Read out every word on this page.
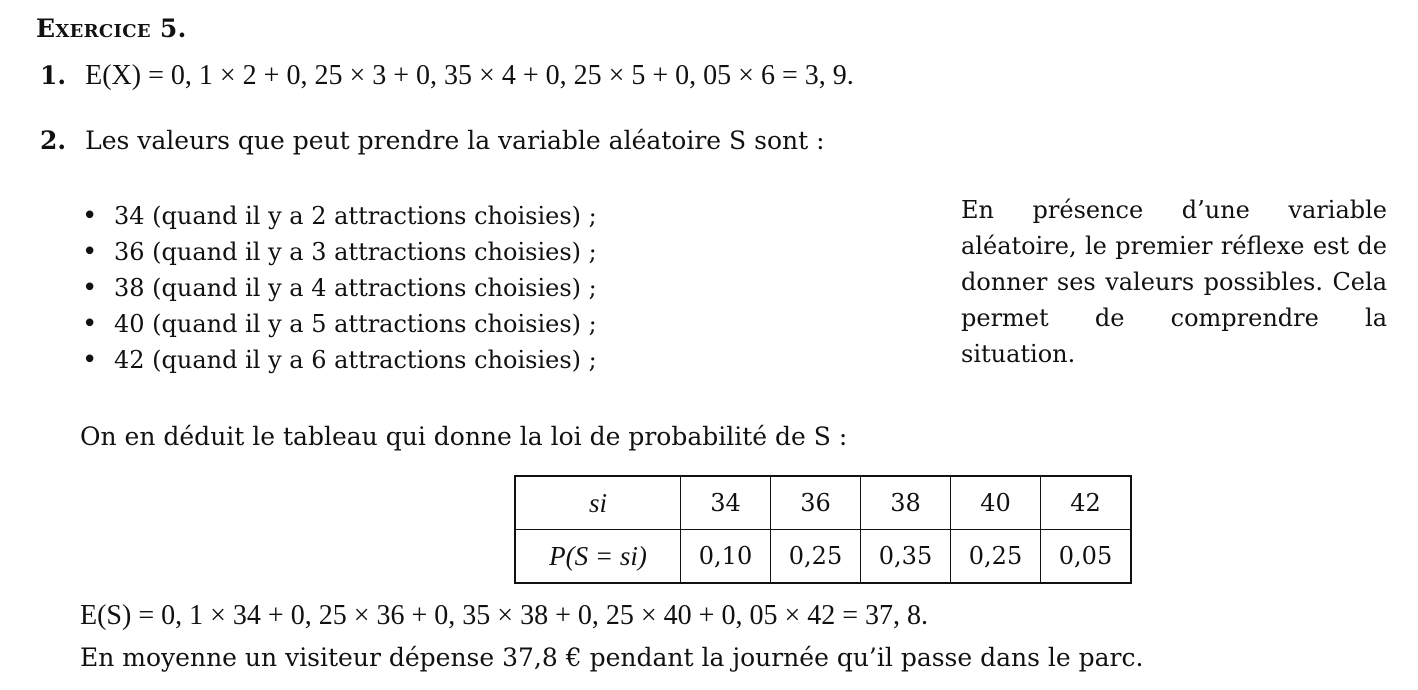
Exercice 5.
1. E(X) = 0, 1 × 2 + 0, 25 × 3 + 0, 35 × 4 + 0, 25 × 5 + 0, 05 × 6 = 3, 9.
2. Les valeurs que peut prendre la variable aléatoire S sont :
• 34 (quand il y a 2 attractions choisies) ;
• 36 (quand il y a 3 attractions choisies) ;
• 38 (quand il y a 4 attractions choisies) ;
• 40 (quand il y a 5 attractions choisies) ;
• 42 (quand il y a 6 attractions choisies) ;
En présence d’une variable aléatoire, le premier réflexe est de donner ses valeurs possibles. Cela permet de comprendre la situation.
On en déduit le tableau qui donne la loi de probabilité de S :
si	34	36	38	40	42
P(S = si)	0,10	0,25	0,35	0,25	0,05
E(S) = 0, 1 × 34 + 0, 25 × 36 + 0, 35 × 38 + 0, 25 × 40 + 0, 05 × 42 = 37, 8.
En moyenne un visiteur dépense 37,8 € pendant la journée qu’il passe dans le parc.
